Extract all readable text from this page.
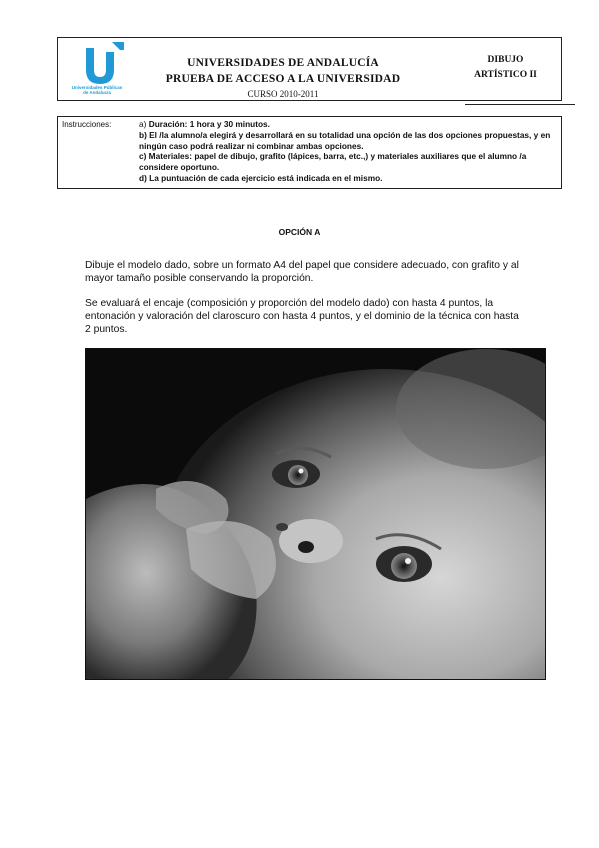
Universidades Públicas
de Andalucía
UNIVERSIDADES DE ANDALUCÍA
PRUEBA DE ACCESO A LA UNIVERSIDAD
CURSO 2010-2011
DIBUJO
ARTÍSTICO II
Instrucciones:	a) Duración: 1 hora y 30 minutos.

b) El /la alumno/a elegirá y desarrollará en su totalidad una opción de las dos opciones propuestas, y en ningún caso podrá realizar ni combinar ambas opciones.

c) Materiales: papel de dibujo, grafito (lápices, barra, etc.,) y materiales auxiliares que el alumno /a considere oportuno.

d) La puntuación de cada ejercicio está indicada en el mismo.

OPCIÓN A
Dibuje el modelo dado, sobre un formato A4 del papel que considere adecuado, con grafito y al mayor tamaño posible conservando la proporción.
Se evaluará el encaje (composición y proporción del modelo dado) con hasta 4 puntos, la entonación y valoración del claroscuro con hasta 4 puntos, y el dominio de la técnica con hasta 2 puntos.
